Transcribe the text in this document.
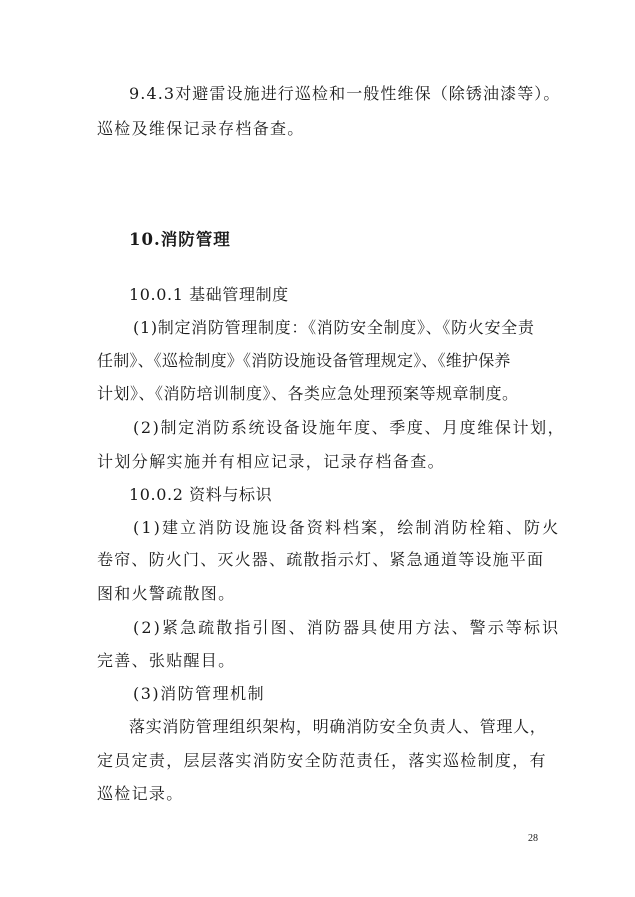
9.4.3对避雷设施进行巡检和一般性维保（除锈油漆等）。
巡检及维保记录存档备查。
10.消防管理
10.0.1 基础管理制度
(1)制定消防管理制度：《消防安全制度》、《防火安全责
任制》、《巡检制度》《消防设施设备管理规定》、《维护保养
计划》、《消防培训制度》、各类应急处理预案等规章制度。
(2)制定消防系统设备设施年度、季度、月度维保计划，
计划分解实施并有相应记录，记录存档备查。
10.0.2 资料与标识
(1)建立消防设施设备资料档案，绘制消防栓箱、防火
卷帘、防火门、灭火器、疏散指示灯、紧急通道等设施平面
图和火警疏散图。
(2)紧急疏散指引图、消防器具使用方法、警示等标识
完善、张贴醒目。
(3)消防管理机制
落实消防管理组织架构，明确消防安全负责人、管理人，
定员定责，层层落实消防安全防范责任，落实巡检制度，有
巡检记录。
28
